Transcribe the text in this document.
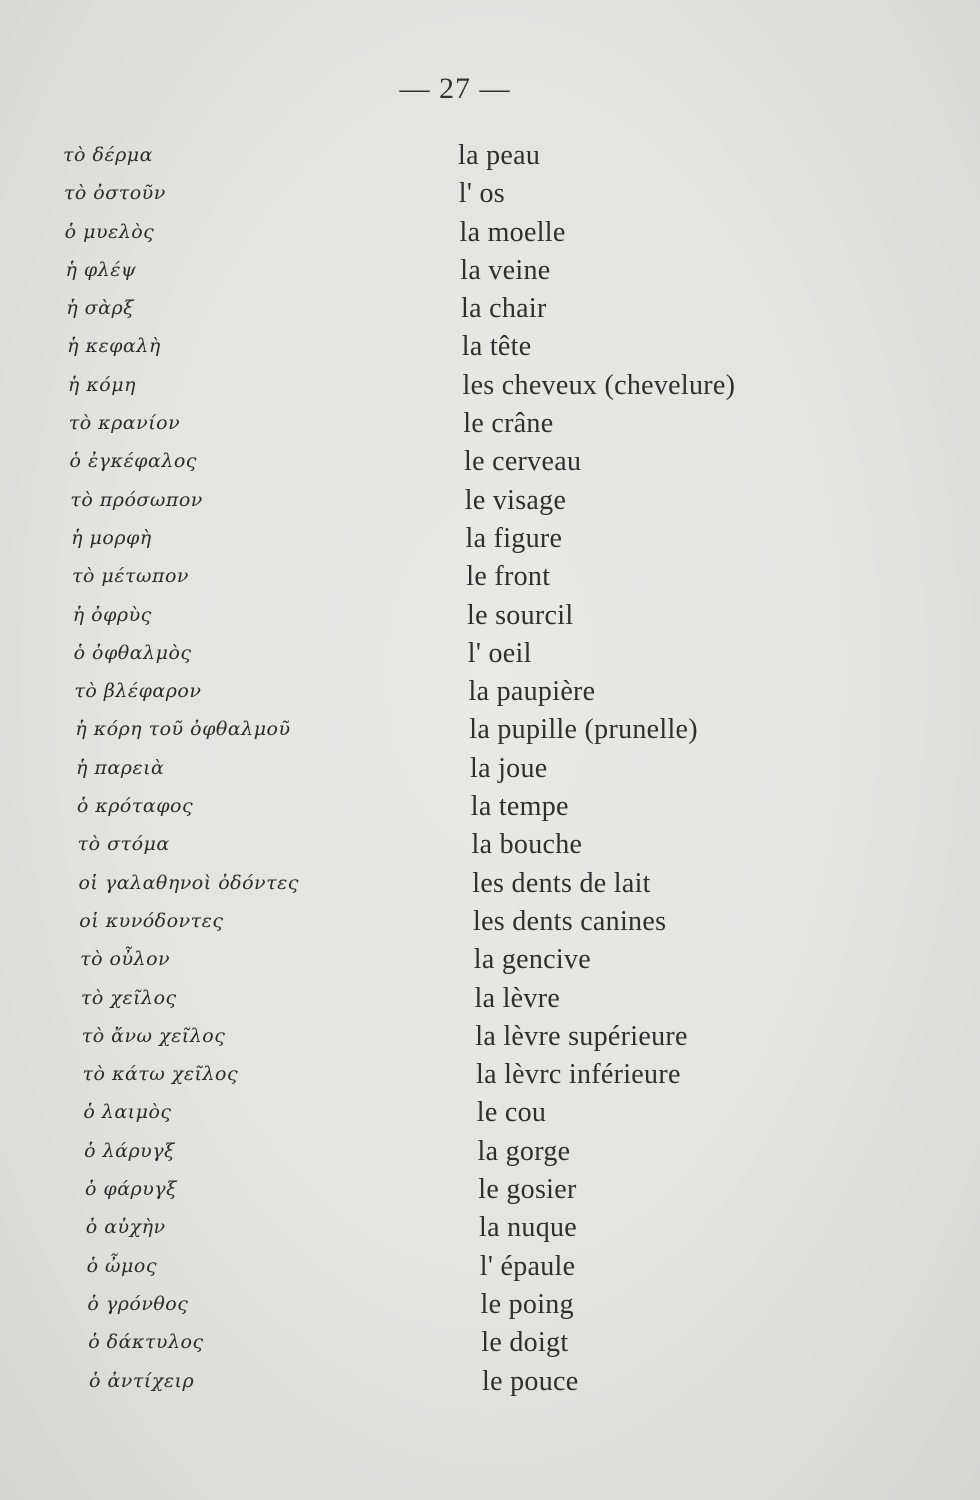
— 27 —
τὸ δέρμα	la peau
τὸ ὀστοῦν	l' os
ὁ μυελὸς	la moelle
ἡ φλέψ	la veine
ἡ σὰρξ	la chair
ἡ κεφαλὴ	la tête
ἡ κόμη	les cheveux (chevelure)
τὸ κρανίον	le crâne
ὁ ἐγκέφαλος	le cerveau
τὸ πρόσωπον	le visage
ἡ μορφὴ	la figure
τὸ μέτωπον	le front
ἡ ὀφρὺς	le sourcil
ὁ ὀφθαλμὸς	l' oeil
τὸ βλέφαρον	la paupière
ἡ κόρη τοῦ ὀφθαλμοῦ	la pupille (prunelle)
ἡ παρειὰ	la joue
ὁ κρόταφος	la tempe
τὸ στόμα	la bouche
οἱ γαλαθηνοὶ ὀδόντες	les dents de lait
οἱ κυνόδοντες	les dents canines
τὸ οὖλον	la gencive
τὸ χεῖλος	la lèvre
τὸ ἄνω χεῖλος	la lèvre supérieure
τὸ κάτω χεῖλος	la lèvrc inférieure
ὁ λαιμὸς	le cou
ὁ λάρυγξ	la gorge
ὁ φάρυγξ	le gosier
ὁ αὐχὴν	la nuque
ὁ ὦμος	l' épaule
ὁ γρόνθος	le poing
ὁ δάκτυλος	le doigt
ὁ ἀντίχειρ	le pouce
